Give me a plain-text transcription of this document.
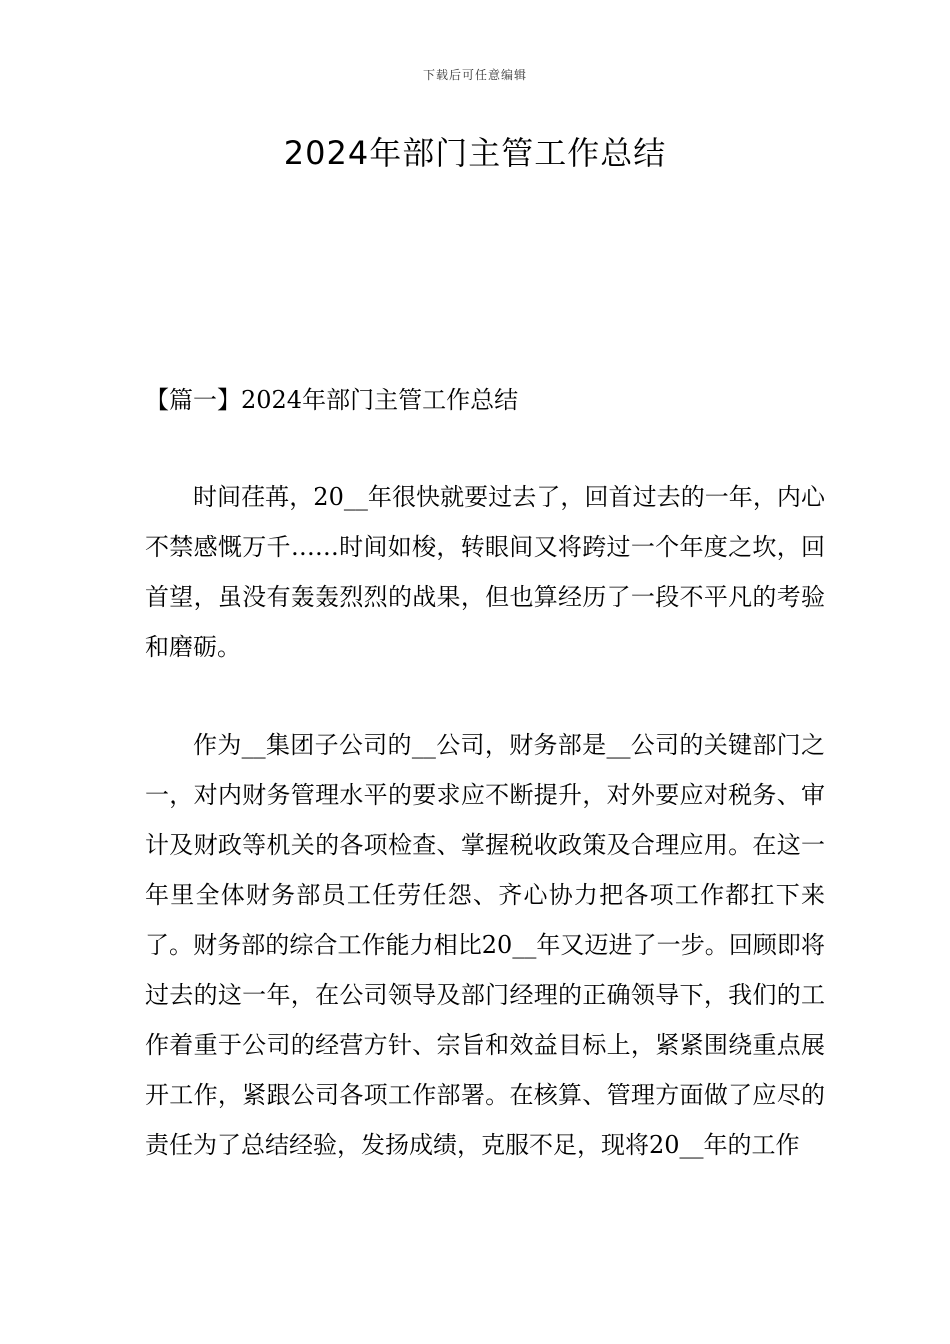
下载后可任意编辑
2024年部门主管工作总结
【篇一】2024年部门主管工作总结

时间荏苒，20__年很快就要过去了，回首过去的一年，内心不禁感慨万千……时间如梭，转眼间又将跨过一个年度之坎，回首望，虽没有轰轰烈烈的战果，但也算经历了一段不平凡的考验和磨砺。

作为__集团子公司的__公司，财务部是__公司的关键部门之一，对内财务管理水平的要求应不断提升，对外要应对税务、审计及财政等机关的各项检查、掌握税收政策及合理应用。在这一年里全体财务部员工任劳任怨、齐心协力把各项工作都扛下来了。财务部的综合工作能力相比20__年又迈进了一步。回顾即将过去的这一年，在公司领导及部门经理的正确领导下，我们的工作着重于公司的经营方针、宗旨和效益目标上，紧紧围绕重点展开工作，紧跟公司各项工作部署。在核算、管理方面做了应尽的责任为了总结经验，发扬成绩，克服不足，现将20__年的工作
